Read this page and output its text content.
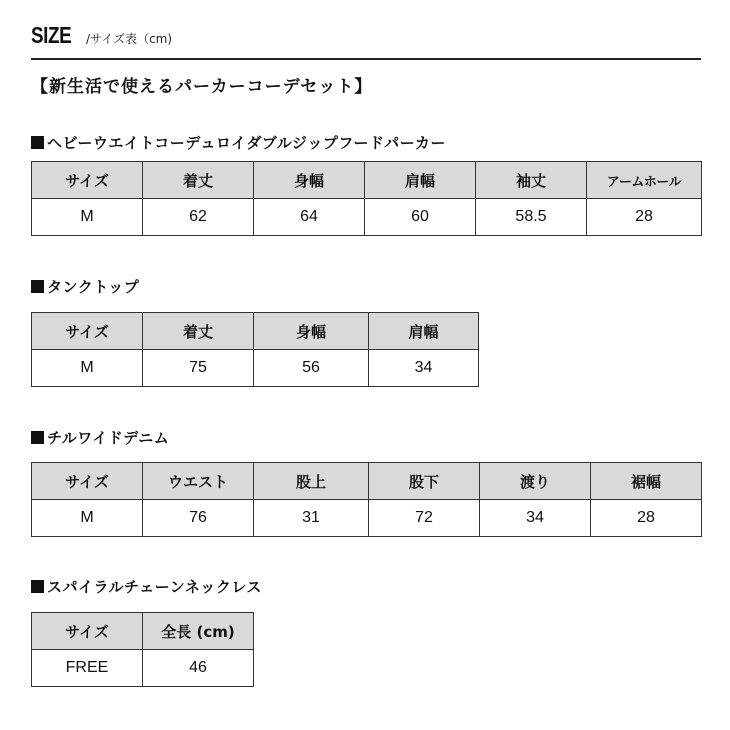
SIZE /サイズ表（cm)
【新生活で使えるパーカーコーデセット】
ヘビーウエイトコーデュロイダブルジップフードパーカー
サイズ	着丈	身幅	肩幅	袖丈	アームホール
M	62	64	60	58.5	28
タンクトップ
サイズ	着丈	身幅	肩幅
M	75	56	34
チルワイドデニム
サイズ	ウエスト	股上	股下	渡り	裾幅
M	76	31	72	34	28
スパイラルチェーンネックレス
サイズ	全長 (cm)
FREE	46
